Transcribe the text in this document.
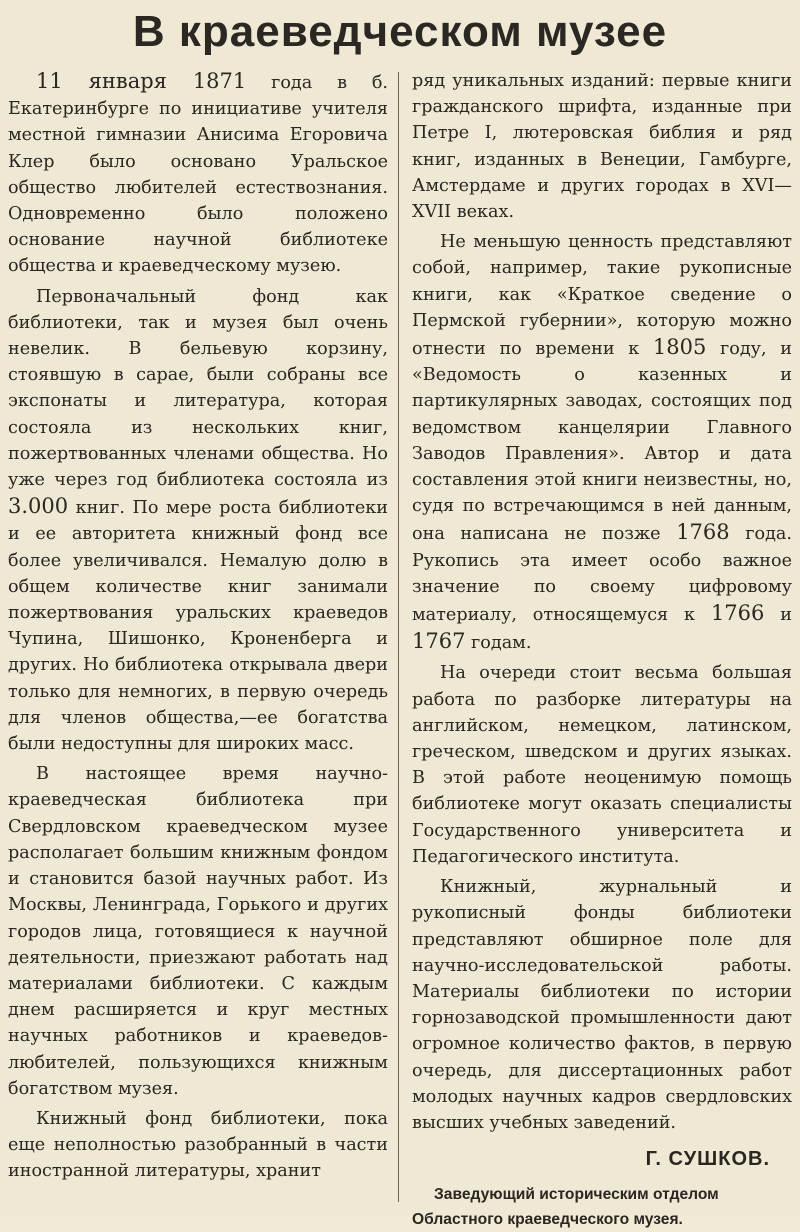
В краеведческом музее

11 января 1871 года в б. Екатеринбурге по инициативе учителя местной гимназии Анисима Егоровича Клер было основано Уральское общество любителей естествознания. Одновременно было положено основание научной библиотеке общества и краеведческому музею.

Первоначальный фонд как библиотеки, так и музея был очень невелик. В бельевую корзину, стоявшую в сарае, были собраны все экспонаты и литература, которая состояла из нескольких книг, пожертвованных членами общества. Но уже через год библиотека состояла из 3.000 книг. По мере роста библиотеки и ее авторитета книжный фонд все более увеличивался. Немалую долю в общем количестве книг занимали пожертвования уральских краеведов Чупина, Шишонко, Кроненберга и других. Но библиотека открывала двери только для немногих, в первую очередь для членов общества,—ее богатства были недоступны для широких масс.

В настоящее время научно-краеведческая библиотека при Свердловском краеведческом музее располагает большим книжным фондом и становится базой научных работ. Из Москвы, Ленинграда, Горького и других городов лица, готовящиеся к научной деятельности, приезжают работать над материалами библиотеки. С каждым днем расширяется и круг местных научных работников и краеведов-любителей, пользующихся книжным богатством музея.

Книжный фонд библиотеки, пока еще неполностью разобранный в части иностранной литературы, хранит

ряд уникальных изданий: первые книги гражданского шрифта, изданные при Петре I, лютеровская библия и ряд книг, изданных в Венеции, Гамбурге, Амстердаме и других городах в XVI—XVII веках.

Не меньшую ценность представляют собой, например, такие рукописные книги, как «Краткое сведение о Пермской губернии», которую можно отнести по времени к 1805 году, и «Ведомость о казенных и партикулярных заводах, состоящих под ведомством канцелярии Главного Заводов Правления». Автор и дата составления этой книги неизвестны, но, судя по встречающимся в ней данным, она написана не позже 1768 года. Рукопись эта имеет особо важное значение по своему цифровому материалу, относящемуся к 1766 и 1767 годам.

На очереди стоит весьма большая работа по разборке литературы на английском, немецком, латинском, греческом, шведском и других языках. В этой работе неоценимую помощь библиотеке могут оказать специалисты Государственного университета и Педагогического института.

Книжный, журнальный и рукописный фонды библиотеки представляют обширное поле для научно-исследовательской работы. Материалы библиотеки по истории горнозаводской промышленности дают огромное количество фактов, в первую очередь, для диссертационных работ молодых научных кадров свердловских высших учебных заведений.

Г. СУШКОВ.
Заведующий историческим отделом Областного краеведческого музея.
